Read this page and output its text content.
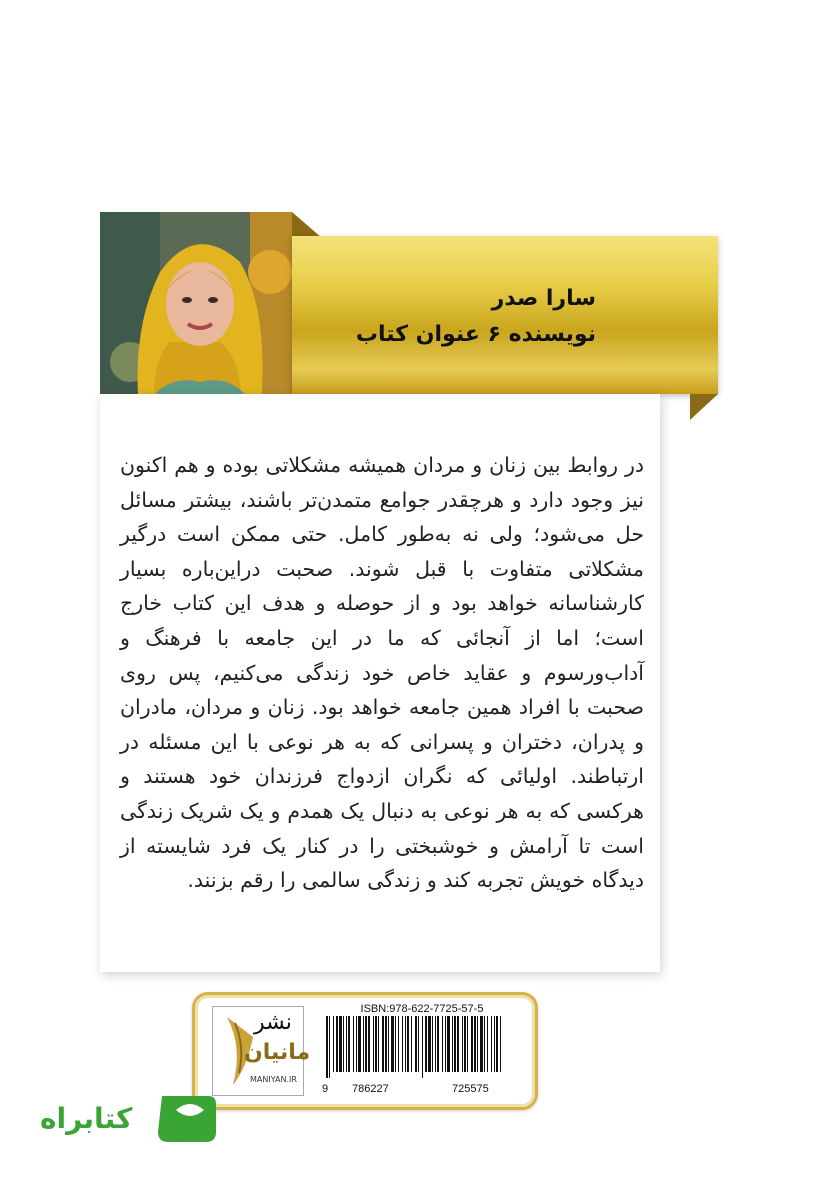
سارا صدر
نویسنده ۶ عنوان کتاب

در روابط بین زنان و مردان همیشه مشکلاتی بوده و هم اکنون نیز وجود دارد و هرچقدر جوامع متمدن‌تر باشند، بیشتر مسائل حل می‌شود؛ ولی نه به‌طور کامل. حتی ممکن است درگیر مشکلاتی متفاوت با قبل شوند. صحبت دراین‌باره بسیار کارشناسانه خواهد بود و از حوصله و هدف این کتاب خارج است؛ اما از آنجائی که ما در این جامعه با فرهنگ و آداب‌ورسوم و عقاید خاص خود زندگی می‌کنیم، پس روی صحبت با افراد همین جامعه خواهد بود. زنان و مردان، مادران و پدران، دختران و پسرانی که به هر نوعی با این مسئله در ارتباطند. اولیائی که نگران ازدواج فرزندان خود هستند و هرکسی که به هر نوعی به دنبال یک همدم و یک شریک زندگی است تا آرامش و خوشبختی را در کنار یک فرد شایسته از دیدگاه خویش تجربه کند و زندگی سالمی را رقم بزنند.

نشر
مانیان
MANIYAN.IR
ISBN:978-622-7725-57-5
9 786227	725575
کتابراه
